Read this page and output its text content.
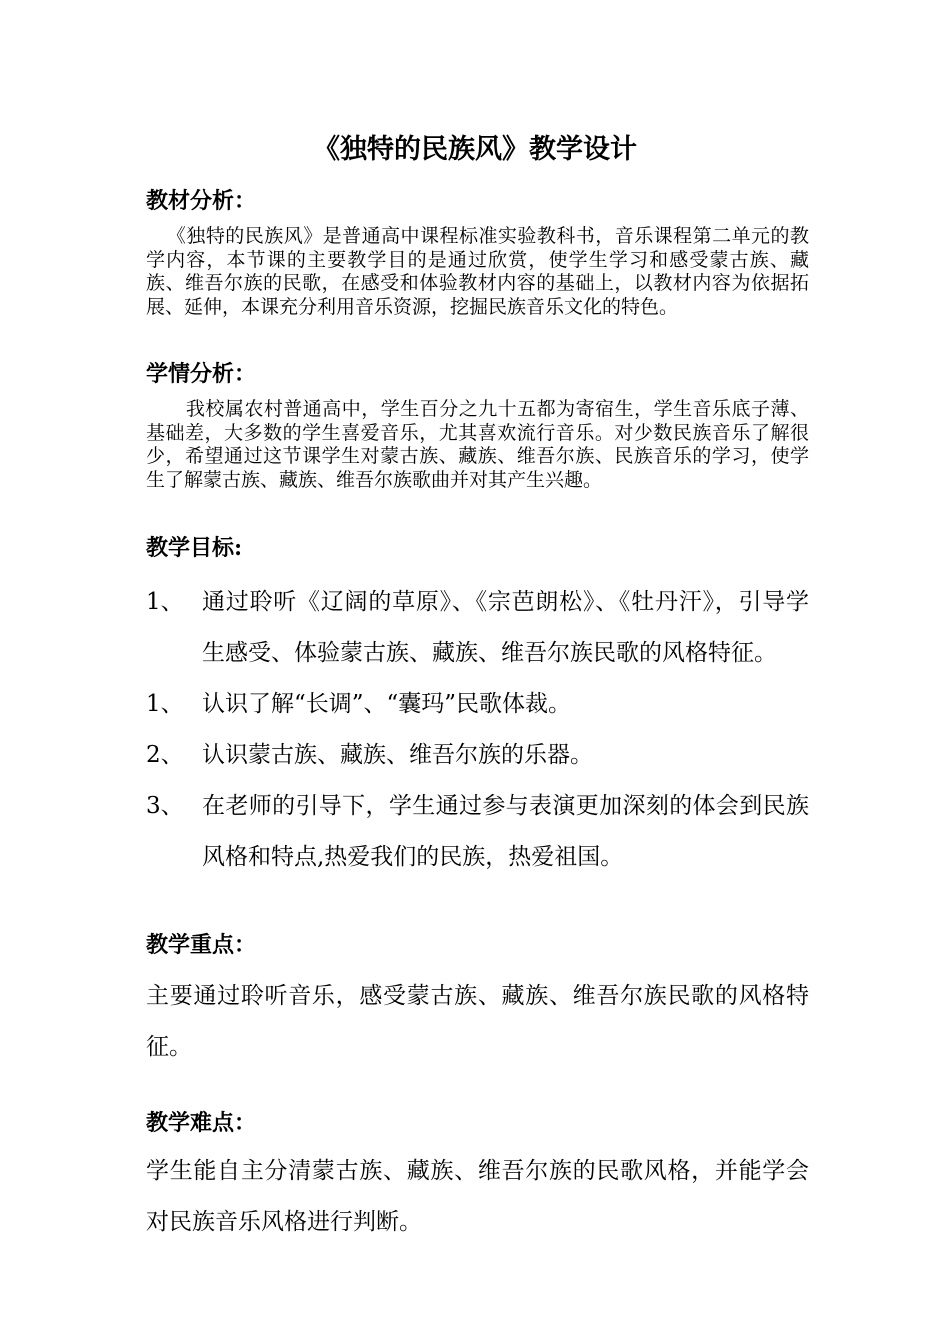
《独特的民族风》教学设计
教材分析：
《独特的民族风》是普通高中课程标准实验教科书，音乐课程第二单元的教学内容，本节课的主要教学目的是通过欣赏，使学生学习和感受蒙古族、藏族、维吾尔族的民歌，在感受和体验教材内容的基础上，以教材内容为依据拓展、延伸，本课充分利用音乐资源，挖掘民族音乐文化的特色。
学情分析：
我校属农村普通高中，学生百分之九十五都为寄宿生，学生音乐底子薄、基础差，大多数的学生喜爱音乐，尤其喜欢流行音乐。对少数民族音乐了解很少，希望通过这节课学生对蒙古族、藏族、维吾尔族、民族音乐的学习，使学生了解蒙古族、藏族、维吾尔族歌曲并对其产生兴趣。
教学目标:
1、 通过聆听《辽阔的草原》、《宗芭朗松》、《牡丹汗》，引导学生感受、体验蒙古族、藏族、维吾尔族民歌的风格特征。
1、 认识了解“长调”、“囊玛”民歌体裁。
2、 认识蒙古族、藏族、维吾尔族的乐器。
3、 在老师的引导下，学生通过参与表演更加深刻的体会到民族风格和特点,热爱我们的民族，热爱祖国。
教学重点：
主要通过聆听音乐，感受蒙古族、藏族、维吾尔族民歌的风格特征。
教学难点：
学生能自主分清蒙古族、藏族、维吾尔族的民歌风格，并能学会对民族音乐风格进行判断。
